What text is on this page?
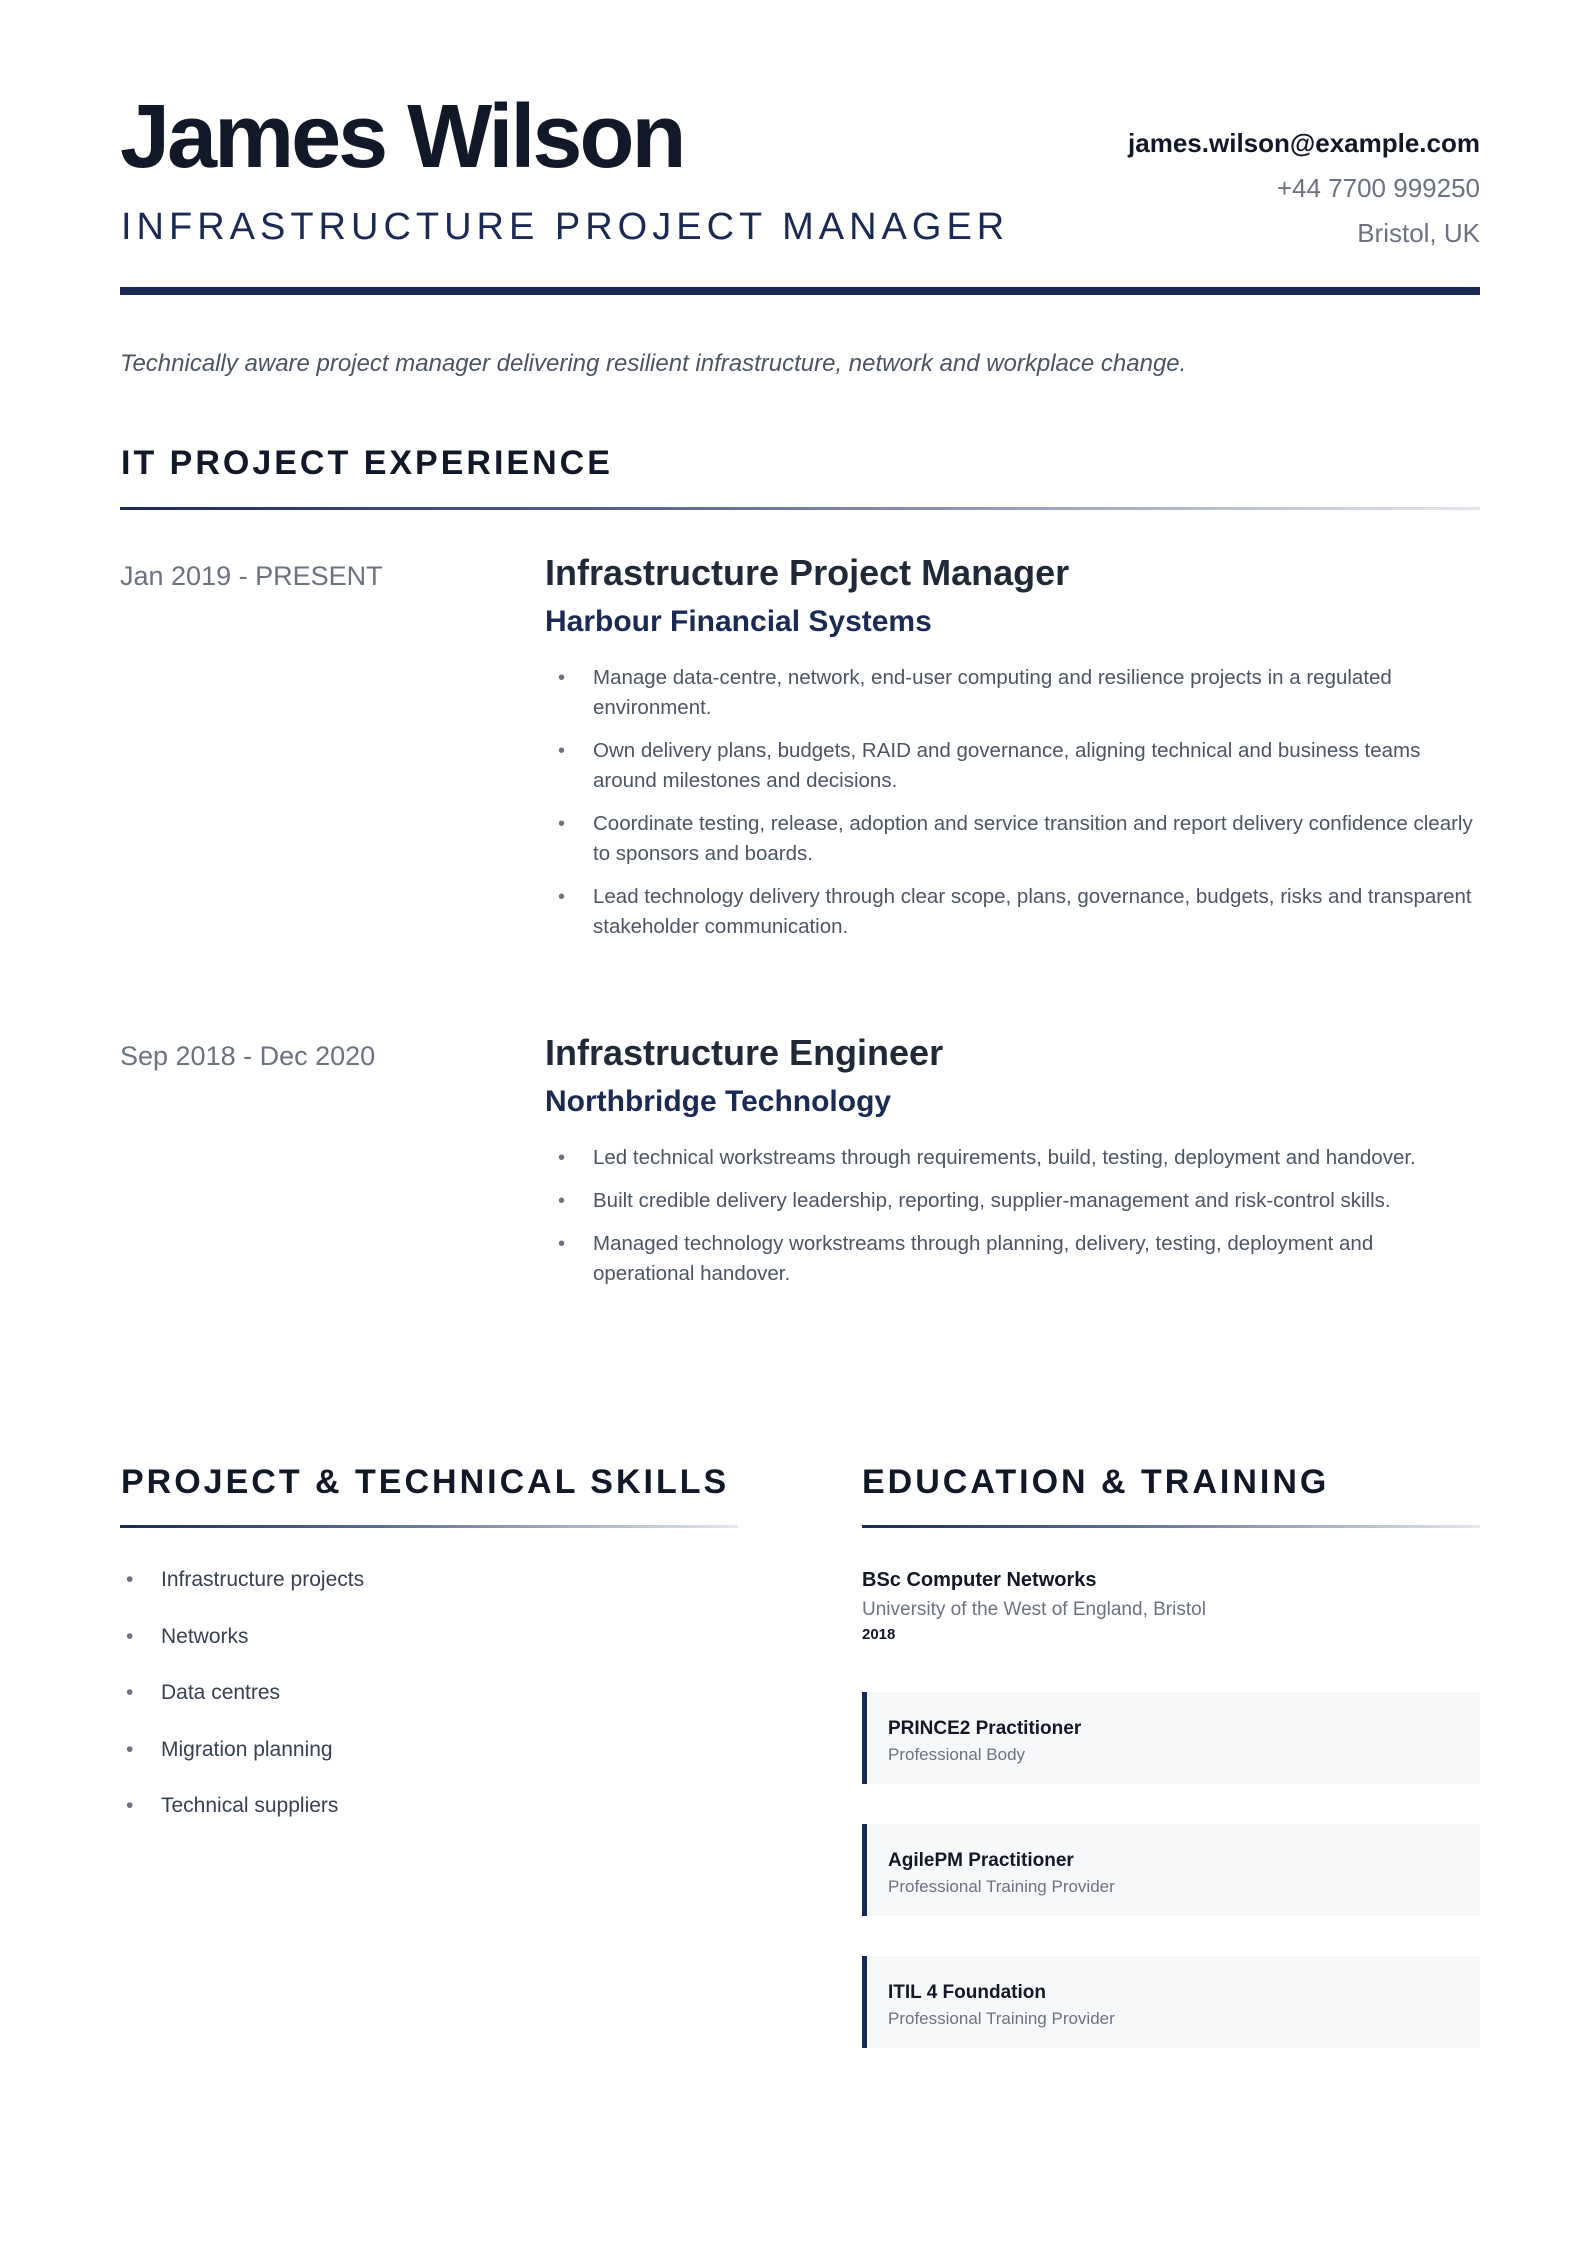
James Wilson
INFRASTRUCTURE PROJECT MANAGER
james.wilson@example.com
+44 7700 999250
Bristol, UK
Technically aware project manager delivering resilient infrastructure, network and workplace change.
IT PROJECT EXPERIENCE
Jan 2019 - PRESENT	Infrastructure Project Manager
Harbour Financial Systems
• Manage data-centre, network, end-user computing and resilience projects in a regulated environment.
• Own delivery plans, budgets, RAID and governance, aligning technical and business teams around milestones and decisions.
• Coordinate testing, release, adoption and service transition and report delivery confidence clearly to sponsors and boards.
• Lead technology delivery through clear scope, plans, governance, budgets, risks and transparent stakeholder communication.
Sep 2018 - Dec 2020	Infrastructure Engineer
Northbridge Technology
• Led technical workstreams through requirements, build, testing, deployment and handover.
• Built credible delivery leadership, reporting, supplier-management and risk-control skills.
• Managed technology workstreams through planning, delivery, testing, deployment and operational handover.
PROJECT & TECHNICAL SKILLS
• Infrastructure projects
• Networks
• Data centres
• Migration planning
• Technical suppliers
EDUCATION & TRAINING
BSc Computer Networks
University of the West of England, Bristol
2018
PRINCE2 Practitioner
Professional Body
AgilePM Practitioner
Professional Training Provider
ITIL 4 Foundation
Professional Training Provider
